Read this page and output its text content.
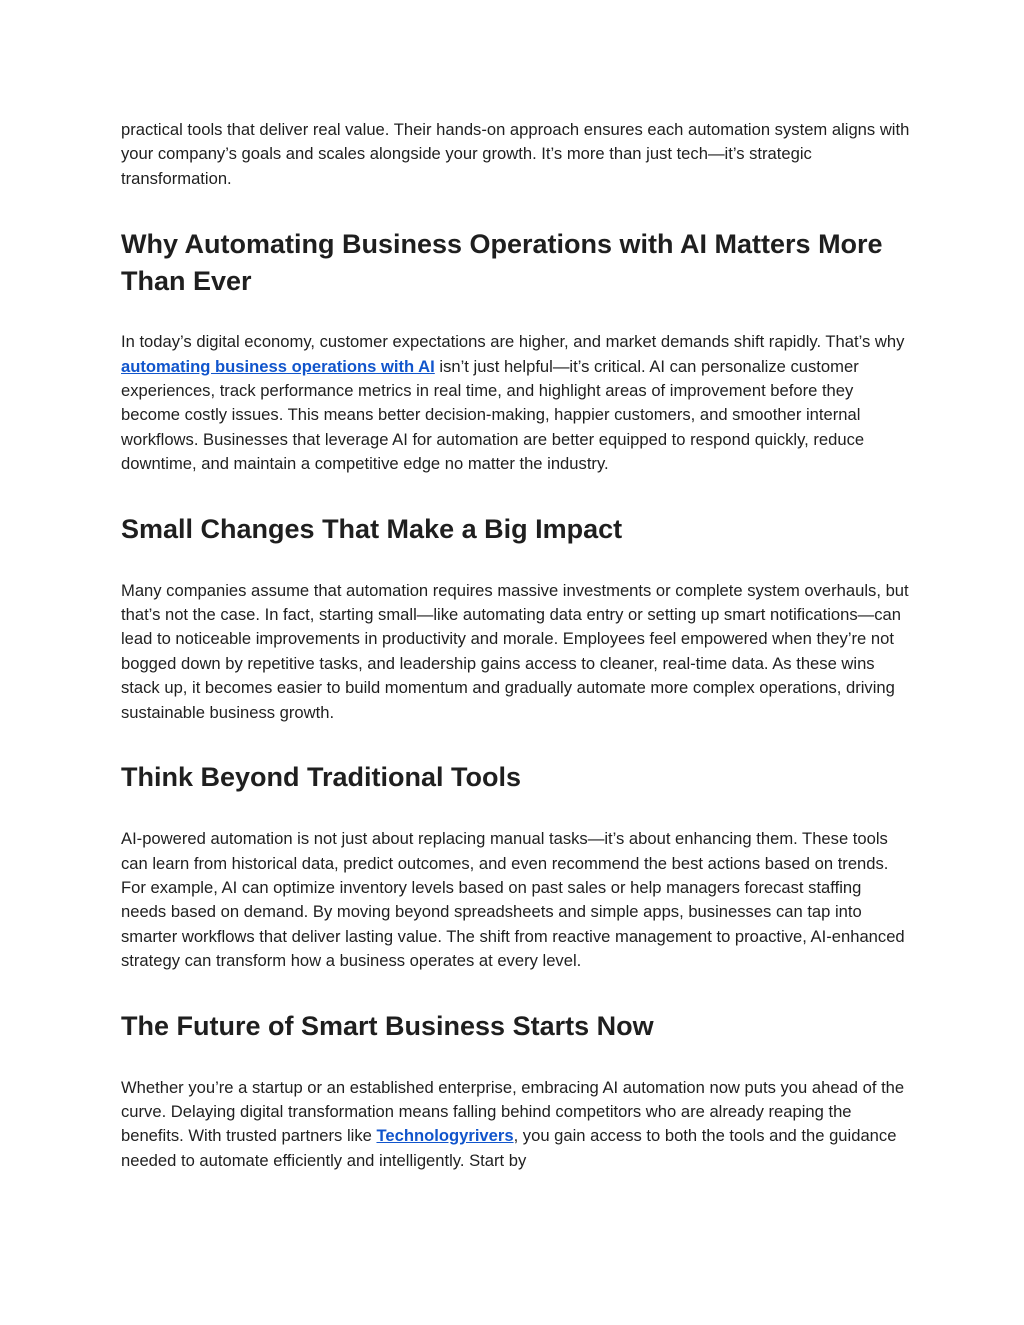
practical tools that deliver real value. Their hands-on approach ensures each automation system aligns with your company’s goals and scales alongside your growth. It’s more than just tech—it’s strategic transformation.

Why Automating Business Operations with AI Matters More Than Ever

In today’s digital economy, customer expectations are higher, and market demands shift rapidly. That’s why automating business operations with AI isn’t just helpful—it’s critical. AI can personalize customer experiences, track performance metrics in real time, and highlight areas of improvement before they become costly issues. This means better decision-making, happier customers, and smoother internal workflows. Businesses that leverage AI for automation are better equipped to respond quickly, reduce downtime, and maintain a competitive edge no matter the industry.

Small Changes That Make a Big Impact

Many companies assume that automation requires massive investments or complete system overhauls, but that’s not the case. In fact, starting small—like automating data entry or setting up smart notifications—can lead to noticeable improvements in productivity and morale. Employees feel empowered when they’re not bogged down by repetitive tasks, and leadership gains access to cleaner, real-time data. As these wins stack up, it becomes easier to build momentum and gradually automate more complex operations, driving sustainable business growth.

Think Beyond Traditional Tools

AI-powered automation is not just about replacing manual tasks—it’s about enhancing them. These tools can learn from historical data, predict outcomes, and even recommend the best actions based on trends. For example, AI can optimize inventory levels based on past sales or help managers forecast staffing needs based on demand. By moving beyond spreadsheets and simple apps, businesses can tap into smarter workflows that deliver lasting value. The shift from reactive management to proactive, AI-enhanced strategy can transform how a business operates at every level.

The Future of Smart Business Starts Now

Whether you’re a startup or an established enterprise, embracing AI automation now puts you ahead of the curve. Delaying digital transformation means falling behind competitors who are already reaping the benefits. With trusted partners like Technologyrivers, you gain access to both the tools and the guidance needed to automate efficiently and intelligently. Start by
